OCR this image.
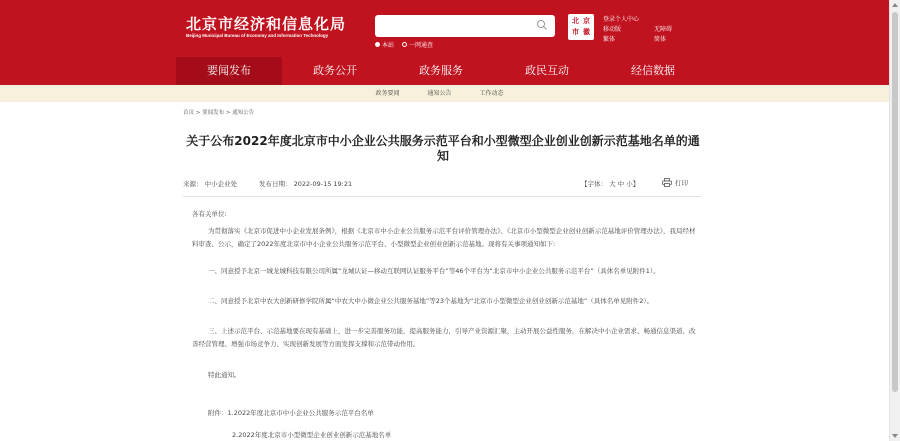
北京市经济和信息化局
Beijing Municipal Bureau of Economy and Information Technology
本站	一网通查
北 京
市 徽
登录个人中心
移动版
繁体
无障碍
简体
要闻发布	政务公开	政务服务	政民互动	经信数据
政务要闻	通知公告	工作动态
首页 > 要闻发布 > 通知公告
关于公布2022年度北京市中小企业公共服务示范平台和小型微型企业创业创新示范基地名单的通知
来源： 中小企业处	发布日期： 2022-09-15 19:21	【字体： 大 中 小】	打印

各有关单位:

为贯彻落实《北京市促进中小企业发展条例》，根据《北京市中小企业公共服务示范平台评价管理办法》、《北京市小型微型企业创业创新示范基地评价管理办法》，我局经材料审查、公示，确定了2022年度北京市中小企业公共服务示范平台、小型微型企业创业创新示范基地。现将有关事项通知如下:

一、同意授予北京一城龙城科技有限公司所属“龙城认证—移动互联网认证服务平台”等46个平台为“北京市中小企业公共服务示范平台”（具体名单见附件1）。

二、同意授予北京中农大创新研修学院所属“中农大中小微企业公共服务基地”等23个基地为“北京市小型微型企业创业创新示范基地”（具体名单见附件2）。

三、上述示范平台、示范基地要在现有基础上，进一步完善服务功能，提高服务能力，引导产业资源汇聚，主动开展公益性服务，在解决中小企业需求、畅通信息渠道、改善经营管理、增强市场竞争力、实现创新发展等方面发挥支撑和示范带动作用。

特此通知。

附件：1.2022年度北京市中小企业公共服务示范平台名单

2.2022年度北京市小型微型企业创业创新示范基地名单
